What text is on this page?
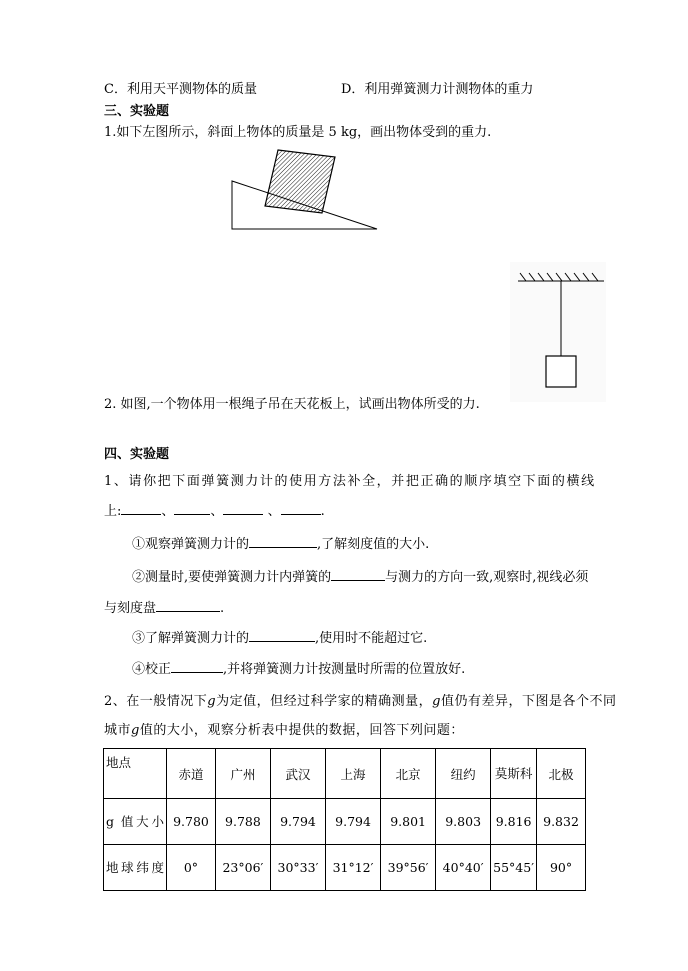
C．利用天平测物体的质量	D．利用弹簧测力计测物体的重力
三、实验题
1.如下左图所示，斜面上物体的质量是 5 kg，画出物体受到的重力.
2. 如图,一个物体用一根绳子吊在天花板上，试画出物体所受的力.
四、实验题
1、请你把下面弹簧测力计的使用方法补全，并把正确的顺序填空下面的横线
上:	、	、	、	.
①观察弹簧测力计的	,了解刻度值的大小.
②测量时,要使弹簧测力计内弹簧的	与测力的方向一致,观察时,视线必须
与刻度盘	.
③了解弹簧测力计的	,使用时不能超过它.
④校正	,并将弹簧测力计按测量时所需的位置放好.
2、在一般情况下g为定值，但经过科学家的精确测量，g值仍有差异，下图是各个不同
城市g值的大小，观察分析表中提供的数据，回答下列问题：
地点	赤道	广州	武汉	上海	北京	纽约	莫斯科	北极
g 值大小	9.780	9.788	9.794	9.794	9.801	9.803	9.816	9.832
地球纬度	0°	23°06′	30°33′	31°12′	39°56′	40°40′	55°45′	90°
